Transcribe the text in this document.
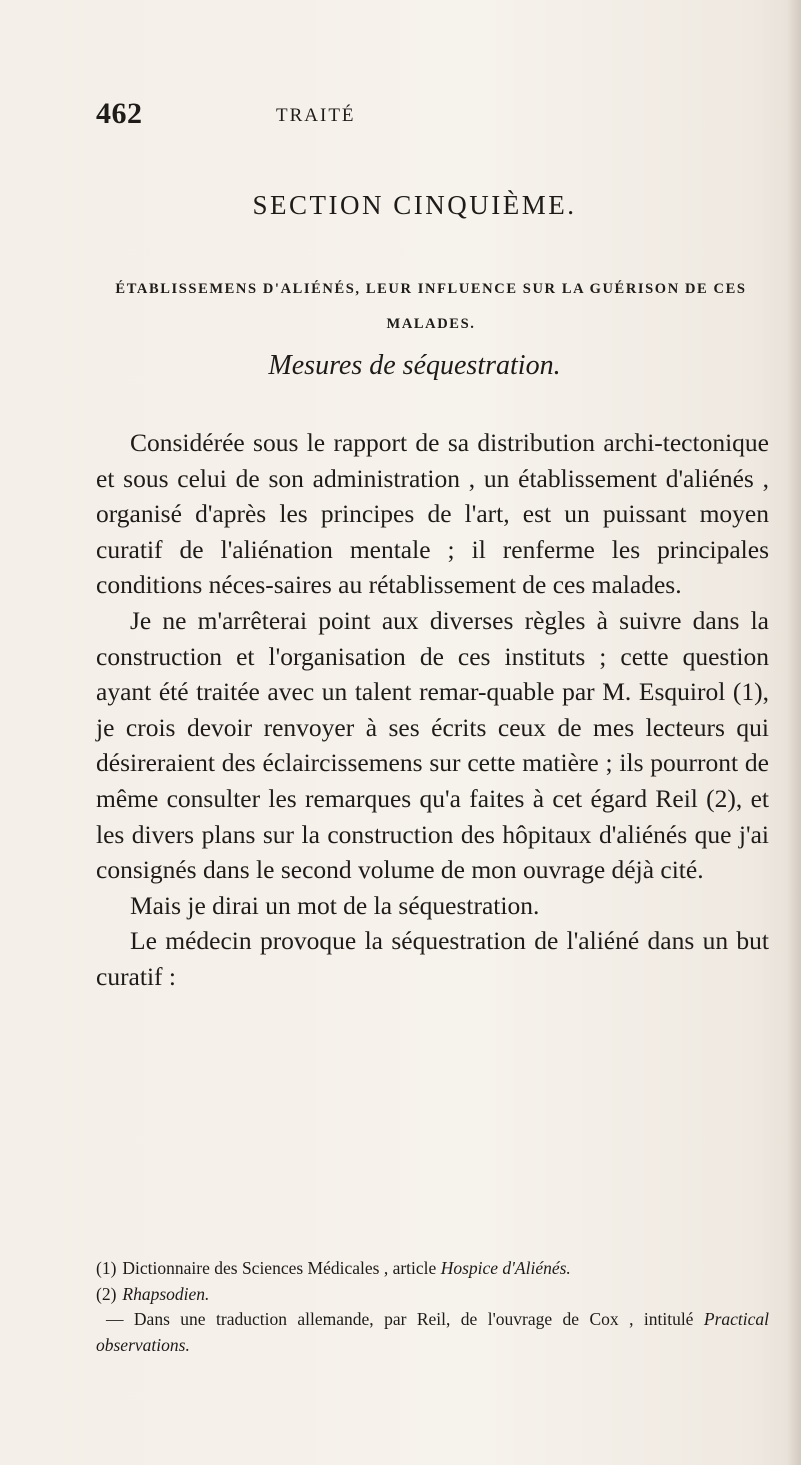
462	TRAITÉ
SECTION CINQUIÈME.
ÉTABLISSEMENS D'ALIÉNÉS, LEUR INFLUENCE SUR LA GUÉRISON DE CES MALADES.
Mesures de séquestration.

Considérée sous le rapport de sa distribution archi-tectonique et sous celui de son administration , un établissement d'aliénés , organisé d'après les principes de l'art, est un puissant moyen curatif de l'aliénation mentale ; il renferme les principales conditions néces-saires au rétablissement de ces malades.

Je ne m'arrêterai point aux diverses règles à suivre dans la construction et l'organisation de ces instituts ; cette question ayant été traitée avec un talent remar-quable par M. Esquirol (1), je crois devoir renvoyer à ses écrits ceux de mes lecteurs qui désireraient des éclaircissemens sur cette matière ; ils pourront de même consulter les remarques qu'a faites à cet égard Reil (2), et les divers plans sur la construction des hôpitaux d'aliénés que j'ai consignés dans le second volume de mon ouvrage déjà cité.

Mais je dirai un mot de la séquestration.

Le médecin provoque la séquestration de l'aliéné dans un but curatif :

(1) Dictionnaire des Sciences Médicales , article Hospice d'Aliénés.

(2) Rhapsodien.

— Dans une traduction allemande, par Reil, de l'ouvrage de Cox , intitulé Practical observations.
